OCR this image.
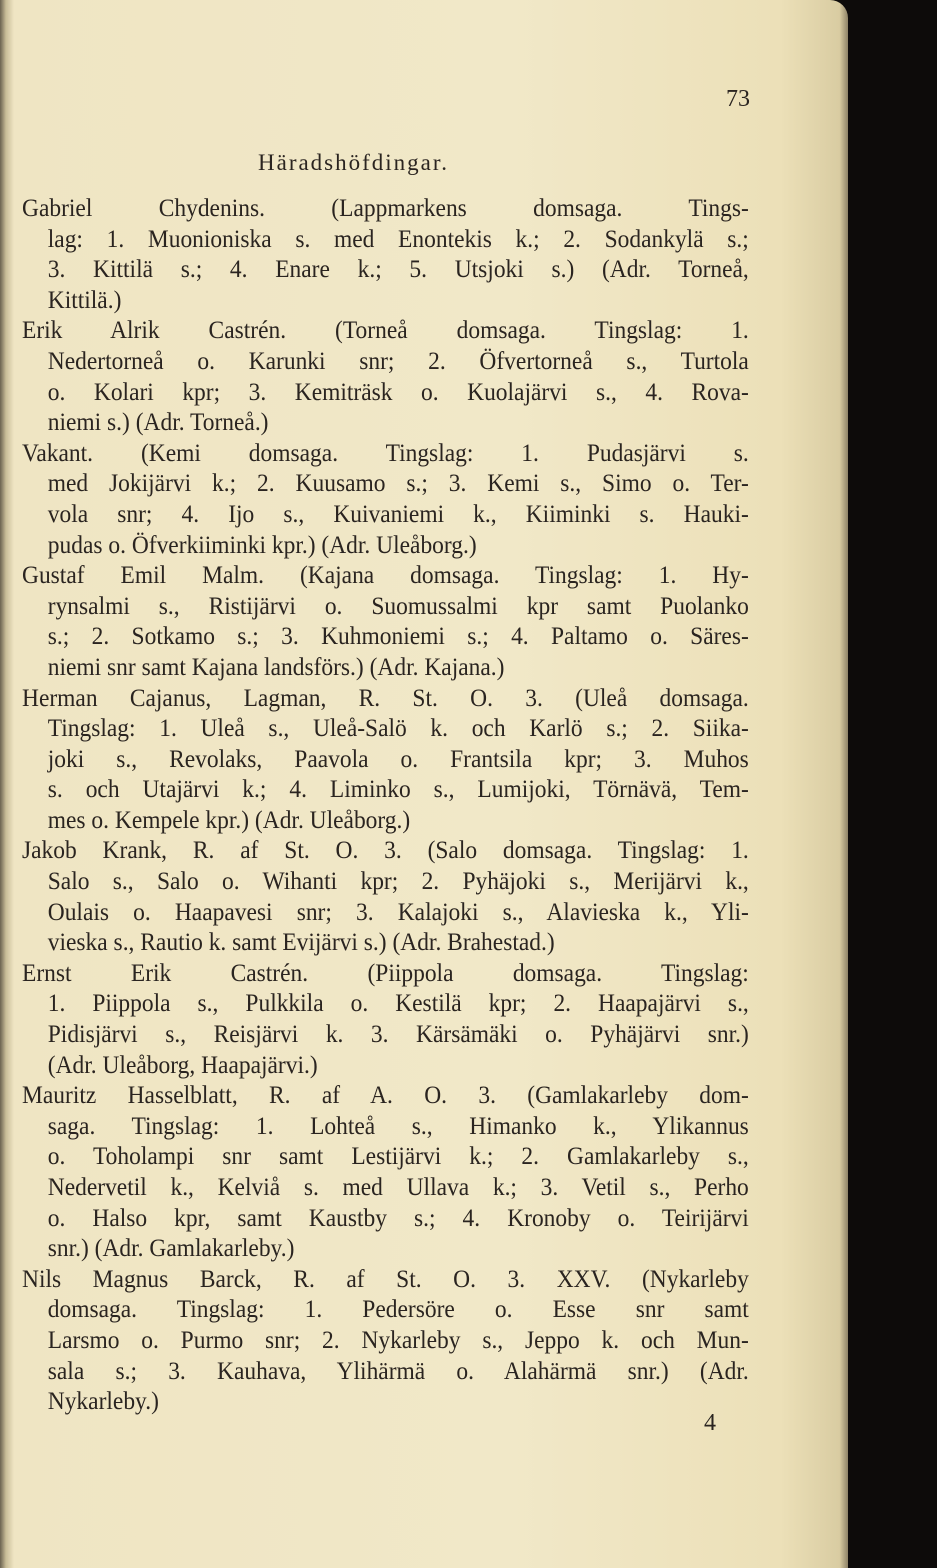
73
Häradshöfdingar.
Gabriel Chydenins. (Lappmarkens domsaga. Tings-
lag: 1. Muonioniska s. med Enontekis k.; 2. Sodankylä s.;
3. Kittilä s.; 4. Enare k.; 5. Utsjoki s.) (Adr. Torneå,
Kittilä.)
Erik Alrik Castrén. (Torneå domsaga. Tingslag: 1.
Nedertorneå o. Karunki snr; 2. Öfvertorneå s., Turtola
o. Kolari kpr; 3. Kemiträsk o. Kuolajärvi s., 4. Rova-
niemi s.) (Adr. Torneå.)
Vakant. (Kemi domsaga. Tingslag: 1. Pudasjärvi s.
med Jokijärvi k.; 2. Kuusamo s.; 3. Kemi s., Simo o. Ter-
vola snr; 4. Ijo s., Kuivaniemi k., Kiiminki s. Hauki-
pudas o. Öfverkiiminki kpr.) (Adr. Uleåborg.)
Gustaf Emil Malm. (Kajana domsaga. Tingslag: 1. Hy-
rynsalmi s., Ristijärvi o. Suomussalmi kpr samt Puolanko
s.; 2. Sotkamo s.; 3. Kuhmoniemi s.; 4. Paltamo o. Säres-
niemi snr samt Kajana landsförs.) (Adr. Kajana.)
Herman Cajanus, Lagman, R. St. O. 3. (Uleå domsaga.
Tingslag: 1. Uleå s., Uleå-Salö k. och Karlö s.; 2. Siika-
joki s., Revolaks, Paavola o. Frantsila kpr; 3. Muhos
s. och Utajärvi k.; 4. Liminko s., Lumijoki, Törnävä, Tem-
mes o. Kempele kpr.) (Adr. Uleåborg.)
Jakob Krank, R. af St. O. 3. (Salo domsaga. Tingslag: 1.
Salo s., Salo o. Wihanti kpr; 2. Pyhäjoki s., Merijärvi k.,
Oulais o. Haapavesi snr; 3. Kalajoki s., Alavieska k., Yli-
vieska s., Rautio k. samt Evijärvi s.) (Adr. Brahestad.)
Ernst Erik Castrén. (Piippola domsaga. Tingslag:
1. Piippola s., Pulkkila o. Kestilä kpr; 2. Haapajärvi s.,
Pidisjärvi s., Reisjärvi k. 3. Kärsämäki o. Pyhäjärvi snr.)
(Adr. Uleåborg, Haapajärvi.)
Mauritz Hasselblatt, R. af A. O. 3. (Gamlakarleby dom-
saga. Tingslag: 1. Lohteå s., Himanko k., Ylikannus
o. Toholampi snr samt Lestijärvi k.; 2. Gamlakarleby s.,
Nedervetil k., Kelviå s. med Ullava k.; 3. Vetil s., Perho
o. Halso kpr, samt Kaustby s.; 4. Kronoby o. Teirijärvi
snr.) (Adr. Gamlakarleby.)
Nils Magnus Barck, R. af St. O. 3. XXV. (Nykarleby
domsaga. Tingslag: 1. Pedersöre o. Esse snr samt
Larsmo o. Purmo snr; 2. Nykarleby s., Jeppo k. och Mun-
sala s.; 3. Kauhava, Ylihärmä o. Alahärmä snr.) (Adr.
Nykarleby.)
4
